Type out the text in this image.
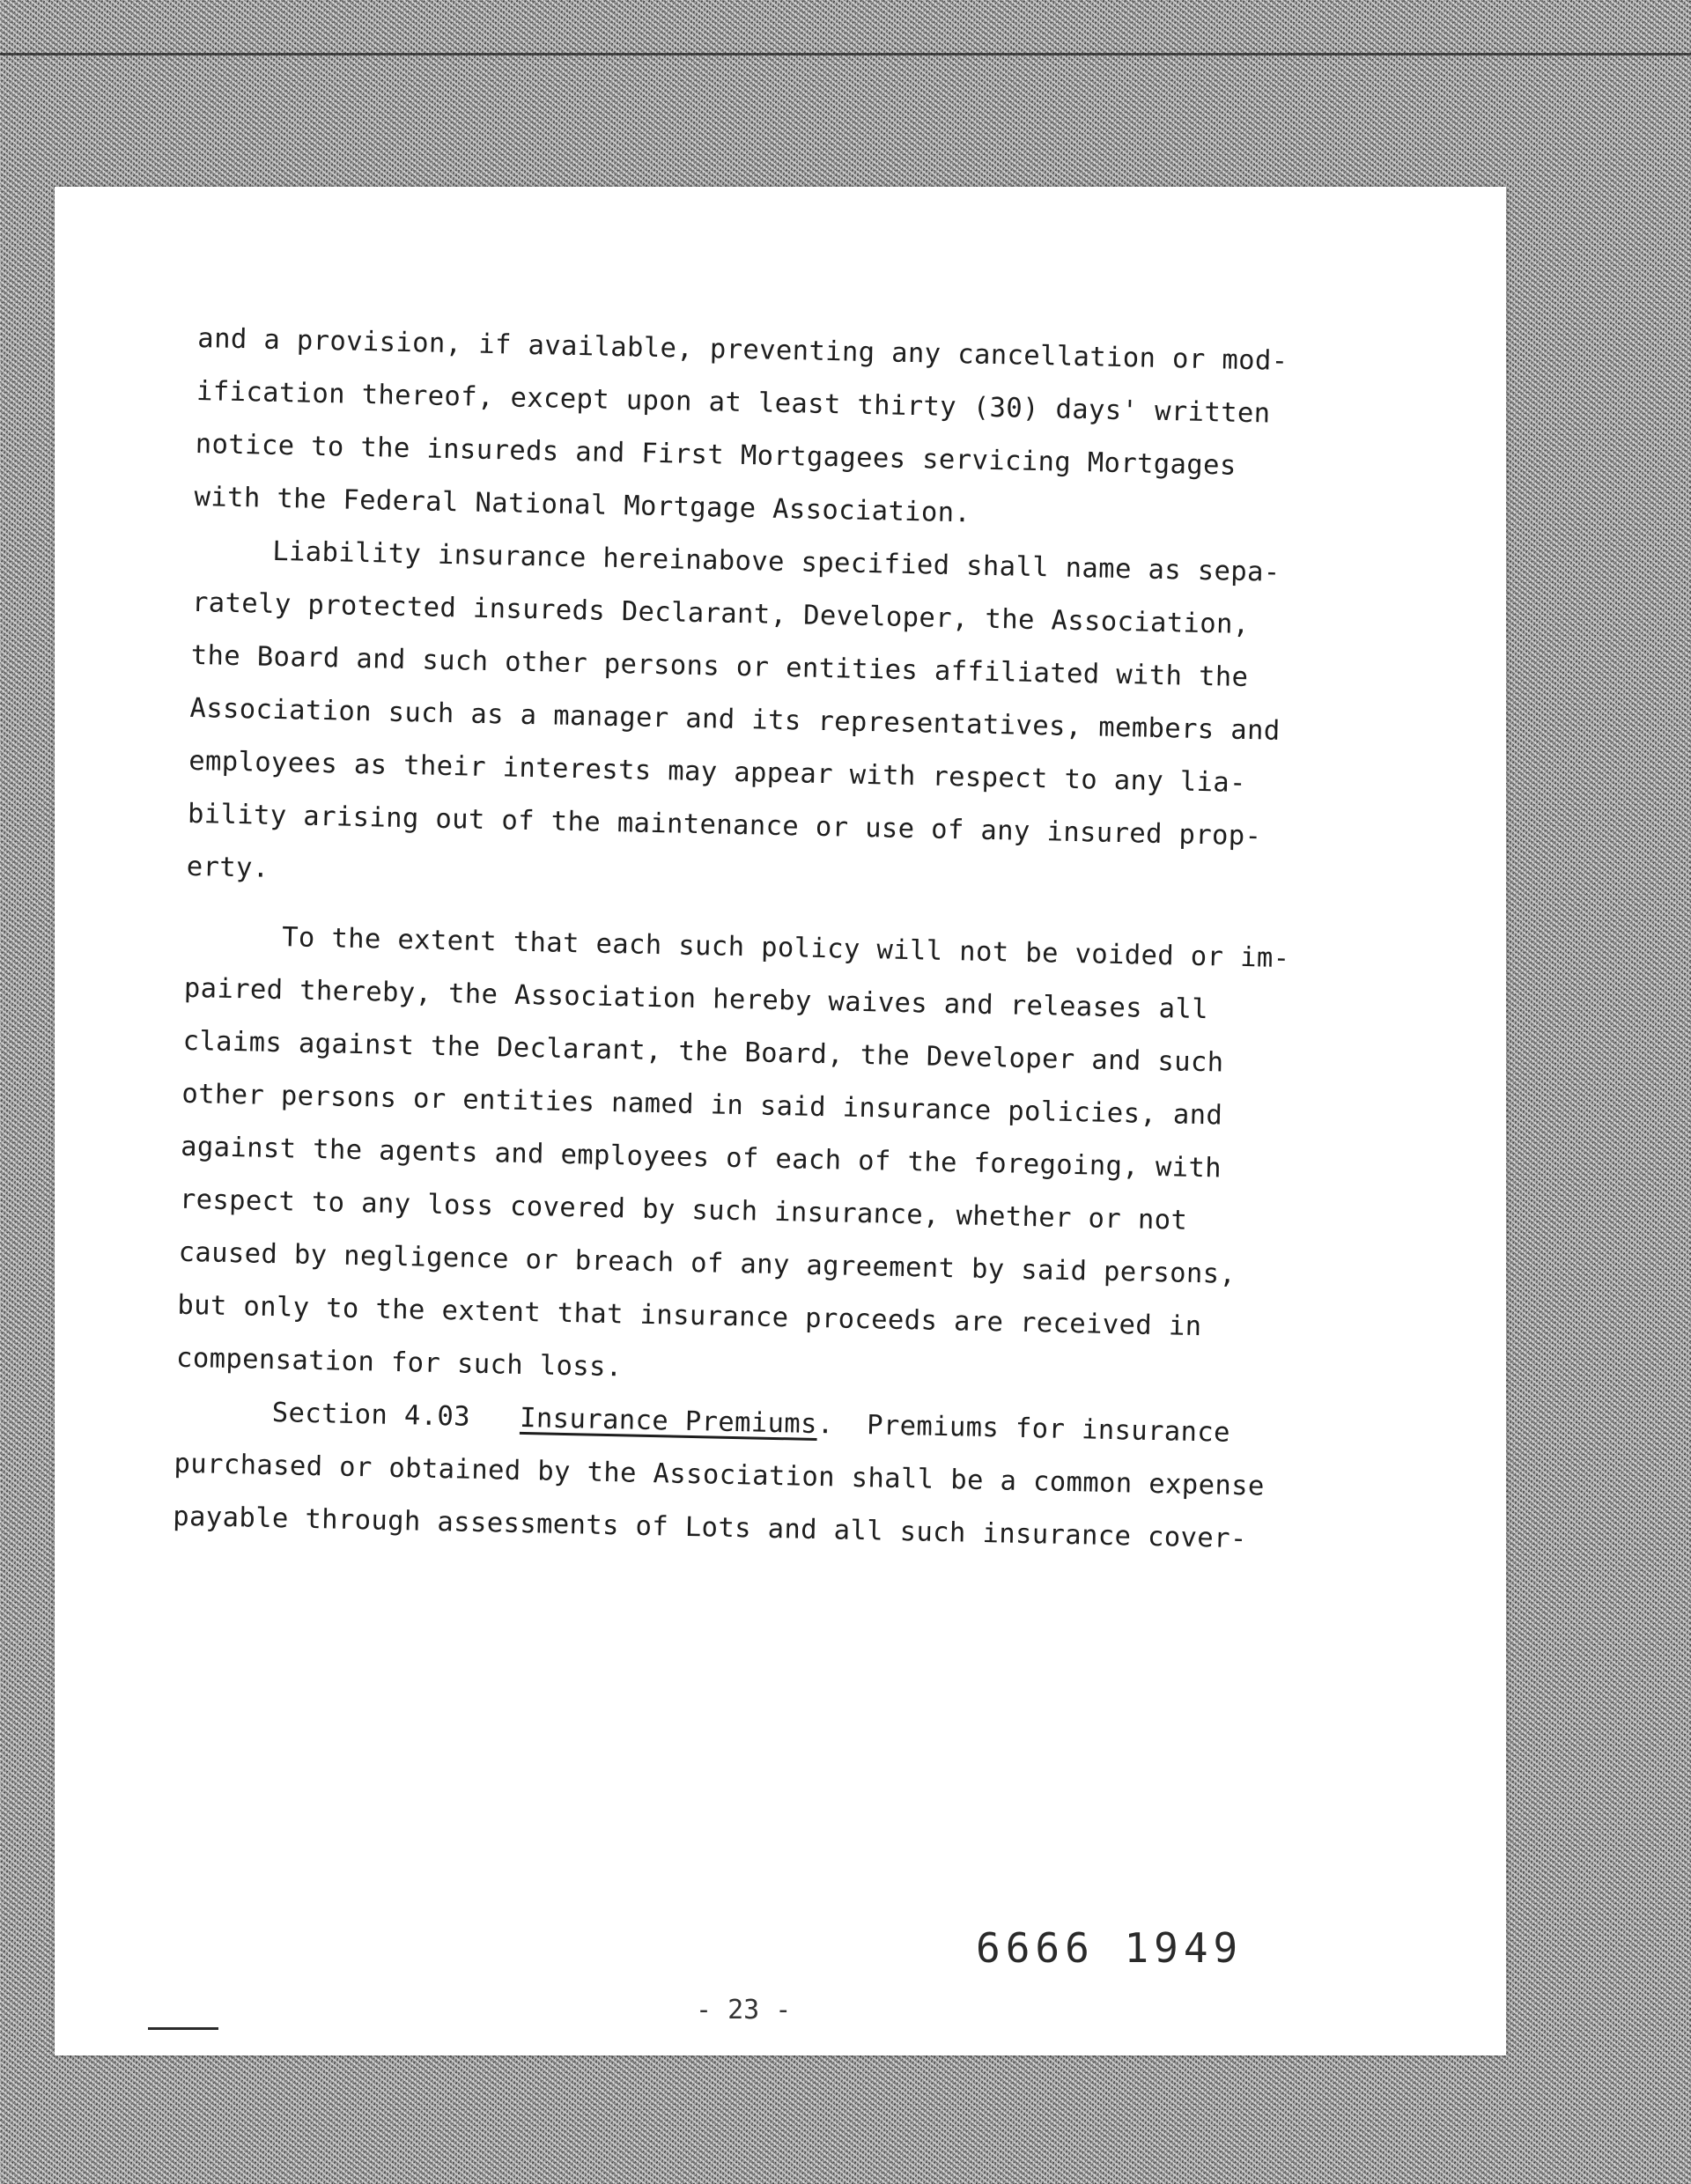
and a provision, if available, preventing any cancellation or mod-
ification thereof, except upon at least thirty (30) days' written
notice to the insureds and First Mortgagees servicing Mortgages
with the Federal National Mortgage Association.
Liability insurance hereinabove specified shall name as sepa-
rately protected insureds Declarant, Developer, the Association,
the Board and such other persons or entities affiliated with the
Association such as a manager and its representatives, members and
employees as their interests may appear with respect to any lia-
bility arising out of the maintenance or use of any insured prop-
erty.
To the extent that each such policy will not be voided or im-
paired thereby, the Association hereby waives and releases all
claims against the Declarant, the Board, the Developer and such
other persons or entities named in said insurance policies, and
against the agents and employees of each of the foregoing, with
respect to any loss covered by such insurance, whether or not
caused by negligence or breach of any agreement by said persons,
but only to the extent that insurance proceeds are received in
compensation for such loss.
Section 4.03 Insurance Premiums.  Premiums for insurance
purchased or obtained by the Association shall be a common expense
payable through assessments of Lots and all such insurance cover-
6666 1949
- 23 -
